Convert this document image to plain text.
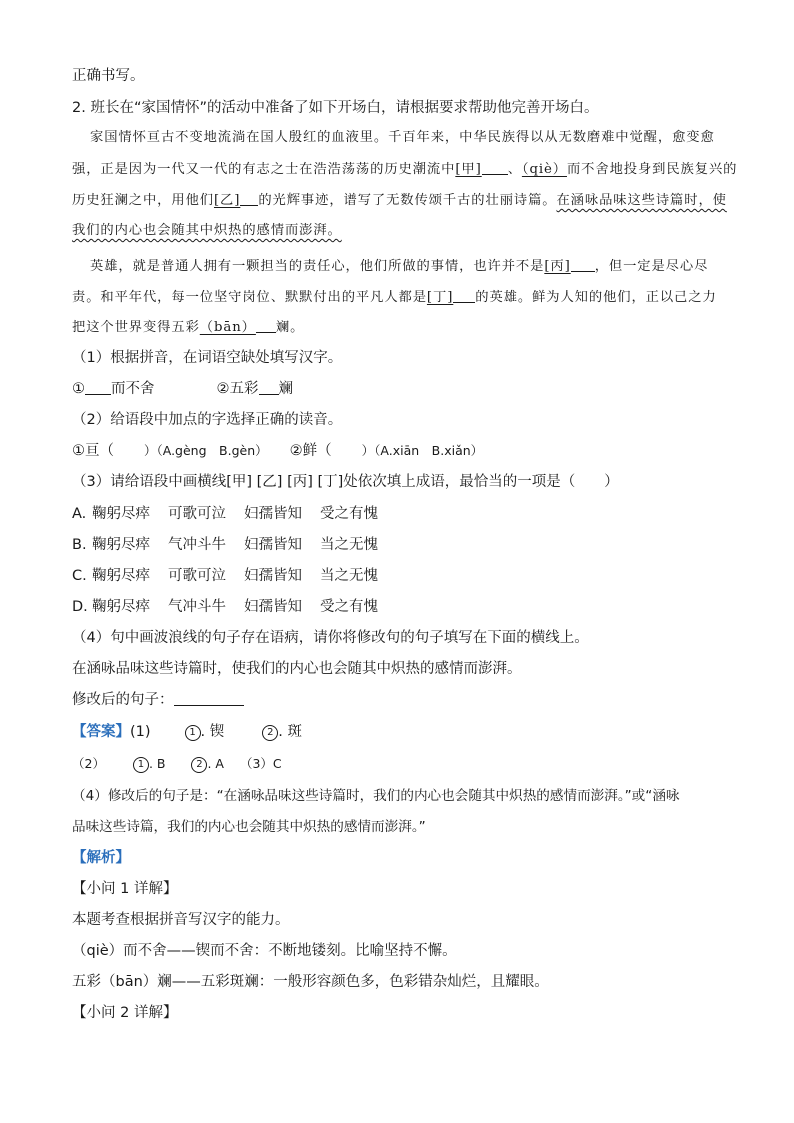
正确书写。
2. 班长在“家国情怀”的活动中准备了如下开场白，请根据要求帮助他完善开场白。
家国情怀亘古不变地流淌在国人殷红的血液里。千百年来，中华民族得以从无数磨难中觉醒，愈变愈
强，正是因为一代又一代的有志之士在浩浩荡荡的历史潮流中[甲] 、（qiè）而不舍地投身到民族复兴的
历史狂澜之中，用他们[乙] 的光辉事迹，谱写了无数传颂千古的壮丽诗篇。在涵咏品味这些诗篇时，使
我们的内心也会随其中炽热的感情而澎湃。
英雄，就是普通人拥有一颗担当的责任心，他们所做的事情，也许并不是[丙] ，但一定是尽心尽
责。和平年代，每一位坚守岗位、默默付出的平凡人都是[丁] 的英雄。鲜为人知的他们，正以己之力
把这个世界变得五彩（bān） 斓。
（1）根据拼音，在词语空缺处填写汉字。
① 而不舍	②五彩 斓
（2）给语段中加点的字选择正确的读音。
①亘（ ）（A.gèng　B.gèn） ②鲜（ ）（A.xiān　B.xiǎn）
（3）请给语段中画横线[甲] [乙] [丙] [丁]处依次填上成语，最恰当的一项是（　　）
A. 鞠躬尽瘁 可歌可泣 妇孺皆知 受之有愧
B. 鞠躬尽瘁 气冲斗牛 妇孺皆知 当之无愧
C. 鞠躬尽瘁 可歌可泣 妇孺皆知 当之无愧
D. 鞠躬尽瘁 气冲斗牛 妇孺皆知 受之有愧
（4）句中画波浪线的句子存在语病，请你将修改句的句子填写在下面的横线上。
在涵咏品味这些诗篇时，使我们的内心也会随其中炽热的感情而澎湃。
修改后的句子：
【答案】(1)	1 . 锲	2 . 斑
（2）	1 . B	2 . A （3）C
（4）修改后的句子是：“在涵咏品味这些诗篇时，我们的内心也会随其中炽热的感情而澎湃。”或“涵咏
品味这些诗篇，我们的内心也会随其中炽热的感情而澎湃。”
【解析】
【小问 1 详解】
本题考查根据拼音写汉字的能力。
（qiè）而不舍——锲而不舍：不断地镂刻。比喻坚持不懈。
五彩（bān）斓——五彩斑斓：一般形容颜色多，色彩错杂灿烂，且耀眼。
【小问 2 详解】
